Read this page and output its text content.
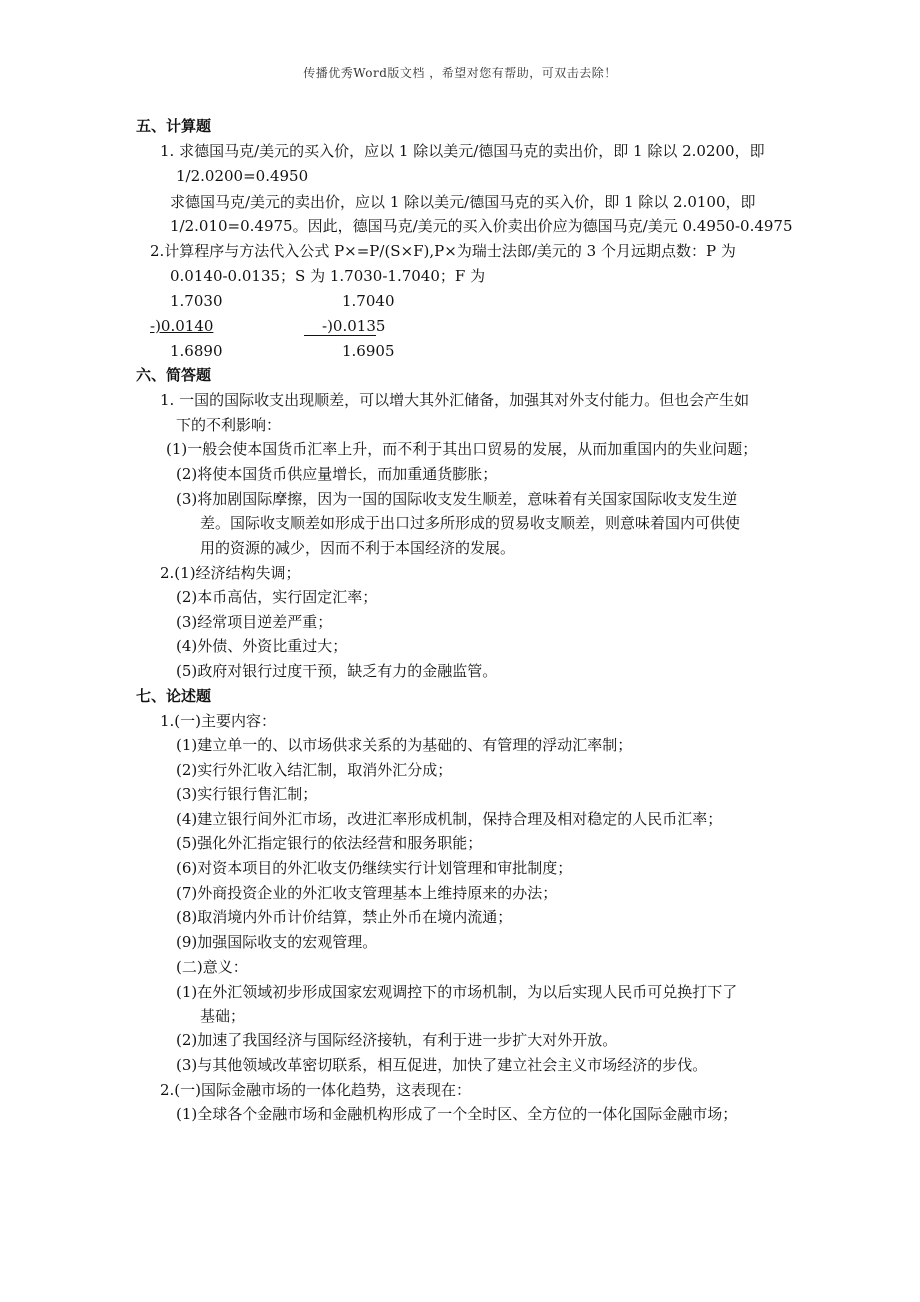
传播优秀Word版文档 ，希望对您有帮助，可双击去除！
五、计算题
1. 求德国马克/美元的买入价，应以 1 除以美元/德国马克的卖出价，即 1 除以 2.0200，即
1/2.0200=0.4950
求德国马克/美元的卖出价，应以 1 除以美元/德国马克的买入价，即 1 除以 2.0100，即
1/2.010=0.4975。因此，德国马克/美元的买入价卖出价应为德国马克/美元 0.4950-0.4975
2.计算程序与方法代入公式 P×=P/(S×F),P×为瑞士法郎/美元的 3 个月远期点数：P 为
0.0140-0.0135；S 为 1.7030-1.7040；F 为
1.7030	1.7040
-)0.0140	-)0.0135
1.6890	1.6905
六、简答题
1. 一国的国际收支出现顺差，可以增大其外汇储备，加强其对外支付能力。但也会产生如
下的不利影响：
(1)一般会使本国货币汇率上升，而不利于其出口贸易的发展，从而加重国内的失业问题；
(2)将使本国货币供应量增长，而加重通货膨胀；
(3)将加剧国际摩擦，因为一国的国际收支发生顺差，意味着有关国家国际收支发生逆
差。国际收支顺差如形成于出口过多所形成的贸易收支顺差，则意味着国内可供使
用的资源的减少，因而不利于本国经济的发展。
2.(1)经济结构失调；
(2)本币高估，实行固定汇率；
(3)经常项目逆差严重；
(4)外债、外资比重过大；
(5)政府对银行过度干预，缺乏有力的金融监管。
七、论述题
1.(一)主要内容：
(1)建立单一的、以市场供求关系的为基础的、有管理的浮动汇率制；
(2)实行外汇收入结汇制，取消外汇分成；
(3)实行银行售汇制；
(4)建立银行间外汇市场，改进汇率形成机制，保持合理及相对稳定的人民币汇率；
(5)强化外汇指定银行的依法经营和服务职能；
(6)对资本项目的外汇收支仍继续实行计划管理和审批制度；
(7)外商投资企业的外汇收支管理基本上维持原来的办法；
(8)取消境内外币计价结算，禁止外币在境内流通；
(9)加强国际收支的宏观管理。
(二)意义：
(1)在外汇领域初步形成国家宏观调控下的市场机制，为以后实现人民币可兑换打下了
基础；
(2)加速了我国经济与国际经济接轨，有利于进一步扩大对外开放。
(3)与其他领域改革密切联系，相互促进，加快了建立社会主义市场经济的步伐。
2.(一)国际金融市场的一体化趋势，这表现在：
(1)全球各个金融市场和金融机构形成了一个全时区、全方位的一体化国际金融市场；
